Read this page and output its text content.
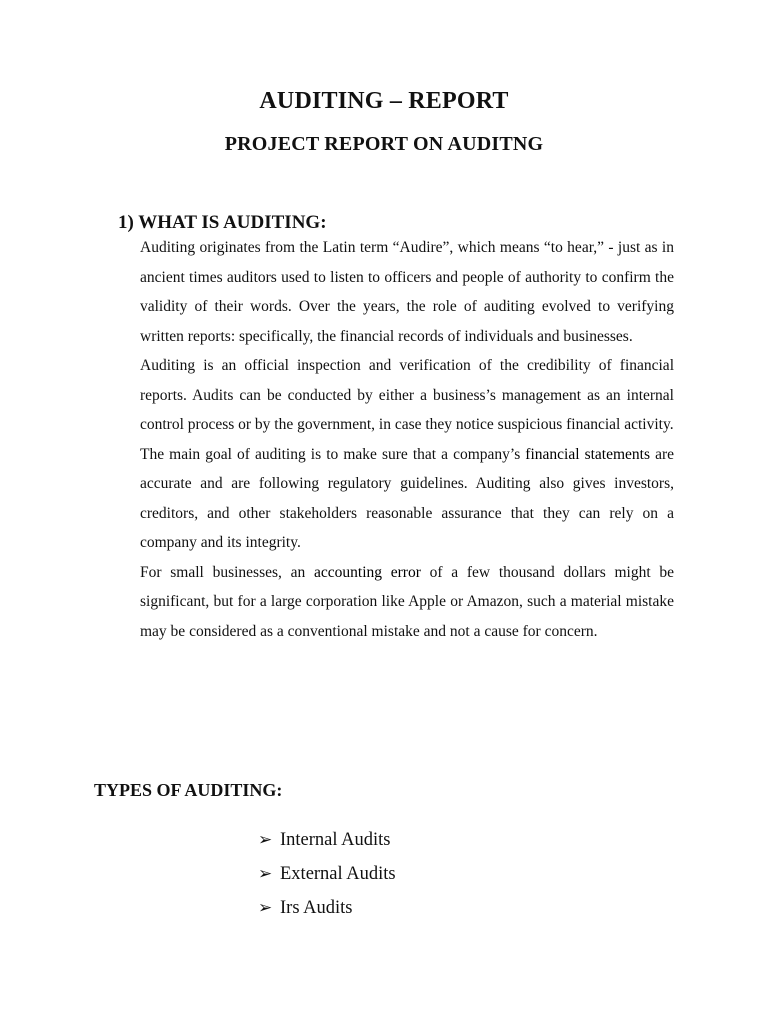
AUDITING – REPORT
PROJECT REPORT ON AUDITNG
1) WHAT IS AUDITING:

Auditing originates from the Latin term “Audire”, which means “to hear,” - just as in ancient times auditors used to listen to officers and people of authority to confirm the validity of their words. Over the years, the role of auditing evolved to verifying written reports: specifically, the financial records of individuals and businesses.

Auditing is an official inspection and verification of the credibility of financial reports. Audits can be conducted by either a business’s management as an internal control process or by the government, in case they notice suspicious financial activity.

The main goal of auditing is to make sure that a company’s financial statements are accurate and are following regulatory guidelines. Auditing also gives investors, creditors, and other stakeholders reasonable assurance that they can rely on a company and its integrity.

For small businesses, an accounting error of a few thousand dollars might be significant, but for a large corporation like Apple or Amazon, such a material mistake may be considered as a conventional mistake and not a cause for concern.

TYPES OF AUDITING:
➢ Internal Audits
➢ External Audits
➢ Irs Audits
